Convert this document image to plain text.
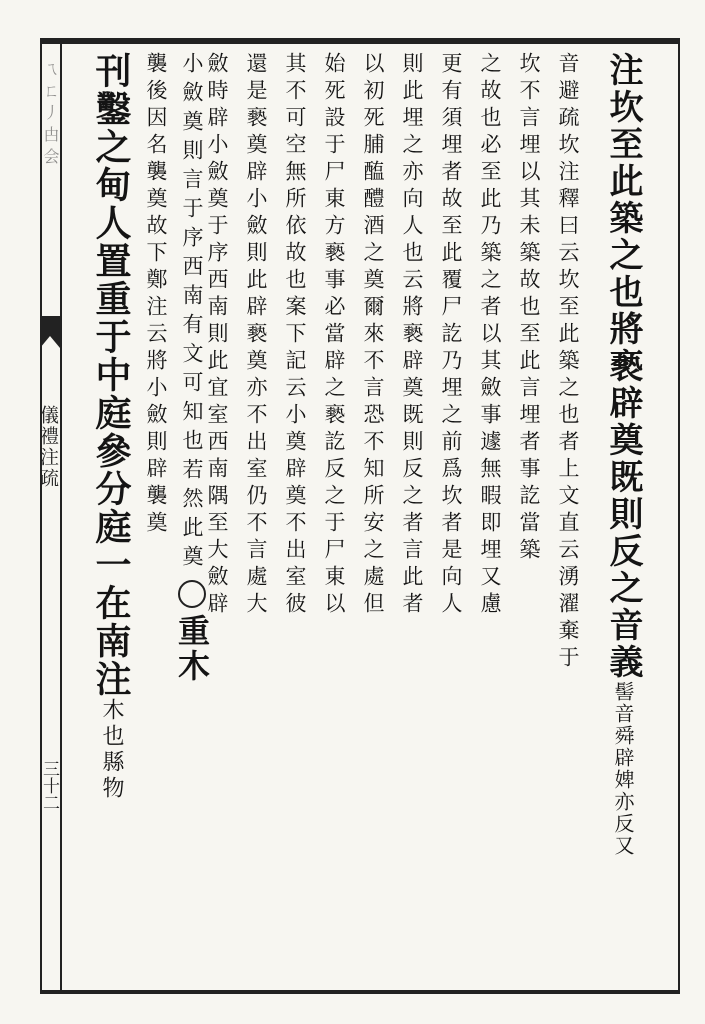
ㄟㄈ丿甴会
儀禮注疏
三十二
注坎至此築之也將褻辟奠既則反之音義髻音舜辟婢亦反又
音避疏坎注釋曰云坎至此築之也者上文直云湧濯棄于
坎不言埋以其未築故也至此言埋者事訖當築
之故也必至此乃築之者以其斂事遽無暇即埋又慮
更有須埋者故至此覆尸訖乃埋之前爲坎者是向人
則此埋之亦向人也云將褻辟奠既則反之者言此者
以初死脯醢醴酒之奠爾來不言恐不知所安之處但
始死設于尸東方褻事必當辟之褻訖反之于尸東以
其不可空無所依故也案下記云小奠辟奠不出室彼
還是褻奠辟小斂則此辟褻奠亦不出室仍不言處大
斂時辟小斂奠于序西南則此宜室西南隅至大斂辟
小斂奠則言于序西南有文可知也若然此奠重木
襲後因名襲奠故下鄭注云將小斂則辟襲奠
刊鑿之甸人置重于中庭參分庭一在南注木也縣物
